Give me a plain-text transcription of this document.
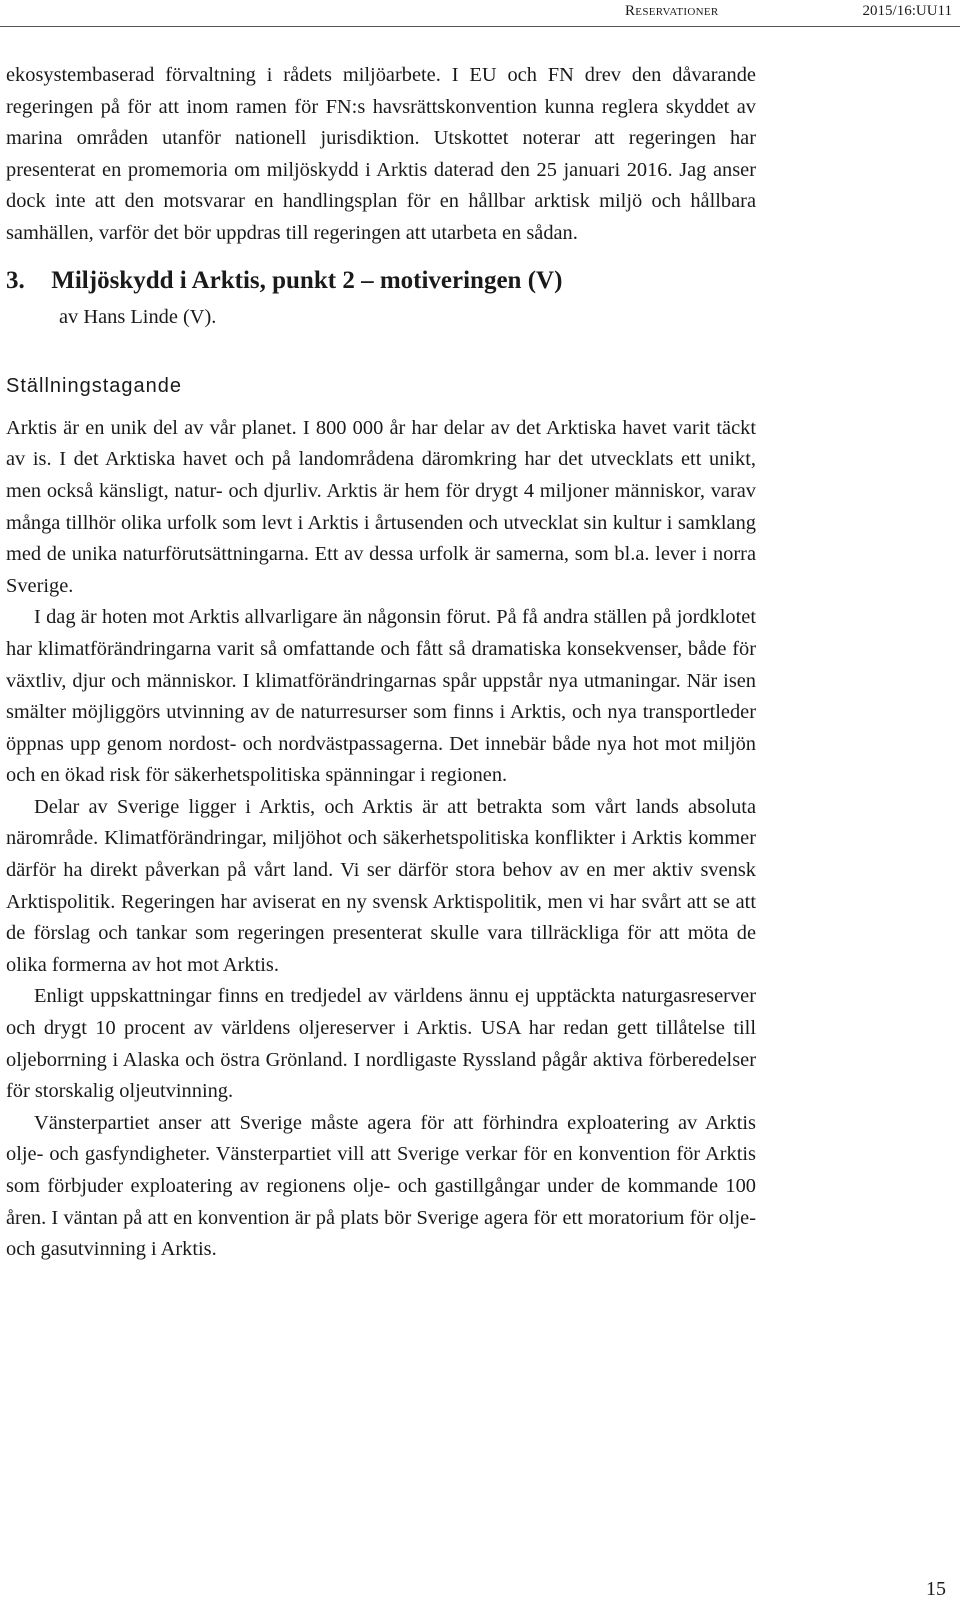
Reservationer	2015/16:UU11

ekosystembaserad förvaltning i rådets miljöarbete. I EU och FN drev den dåvarande regeringen på för att inom ramen för FN:s havsrättskonvention kunna reglera skyddet av marina områden utanför nationell jurisdiktion. Utskottet noterar att regeringen har presenterat en promemoria om miljöskydd i Arktis daterad den 25 januari 2016. Jag anser dock inte att den motsvarar en handlingsplan för en hållbar arktisk miljö och hållbara samhällen, varför det bör uppdras till regeringen att utarbeta en sådan.

3. Miljöskydd i Arktis, punkt 2 – motiveringen (V)

av Hans Linde (V).

Ställningstagande

Arktis är en unik del av vår planet. I 800 000 år har delar av det Arktiska havet varit täckt av is. I det Arktiska havet och på landområdena däromkring har det utvecklats ett unikt, men också känsligt, natur- och djurliv. Arktis är hem för drygt 4 miljoner människor, varav många tillhör olika urfolk som levt i Arktis i årtusenden och utvecklat sin kultur i samklang med de unika naturförutsättningarna. Ett av dessa urfolk är samerna, som bl.a. lever i norra Sverige.

I dag är hoten mot Arktis allvarligare än någonsin förut. På få andra ställen på jordklotet har klimatförändringarna varit så omfattande och fått så dramatiska konsekvenser, både för växtliv, djur och människor. I klimatförändringarnas spår uppstår nya utmaningar. När isen smälter möjliggörs utvinning av de naturresurser som finns i Arktis, och nya transportleder öppnas upp genom nordost- och nordvästpassagerna. Det innebär både nya hot mot miljön och en ökad risk för säkerhetspolitiska spänningar i regionen.

Delar av Sverige ligger i Arktis, och Arktis är att betrakta som vårt lands absoluta närområde. Klimatförändringar, miljöhot och säkerhetspolitiska konflikter i Arktis kommer därför ha direkt påverkan på vårt land. Vi ser därför stora behov av en mer aktiv svensk Arktispolitik. Regeringen har aviserat en ny svensk Arktispolitik, men vi har svårt att se att de förslag och tankar som regeringen presenterat skulle vara tillräckliga för att möta de olika formerna av hot mot Arktis.

Enligt uppskattningar finns en tredjedel av världens ännu ej upptäckta naturgasreserver och drygt 10 procent av världens oljereserver i Arktis. USA har redan gett tillåtelse till oljeborrning i Alaska och östra Grönland. I nordligaste Ryssland pågår aktiva förberedelser för storskalig oljeutvinning.

Vänsterpartiet anser att Sverige måste agera för att förhindra exploatering av Arktis olje- och gasfyndigheter. Vänsterpartiet vill att Sverige verkar för en konvention för Arktis som förbjuder exploatering av regionens olje- och gastillgångar under de kommande 100 åren. I väntan på att en konvention är på plats bör Sverige agera för ett moratorium för olje- och gasutvinning i Arktis.

15
